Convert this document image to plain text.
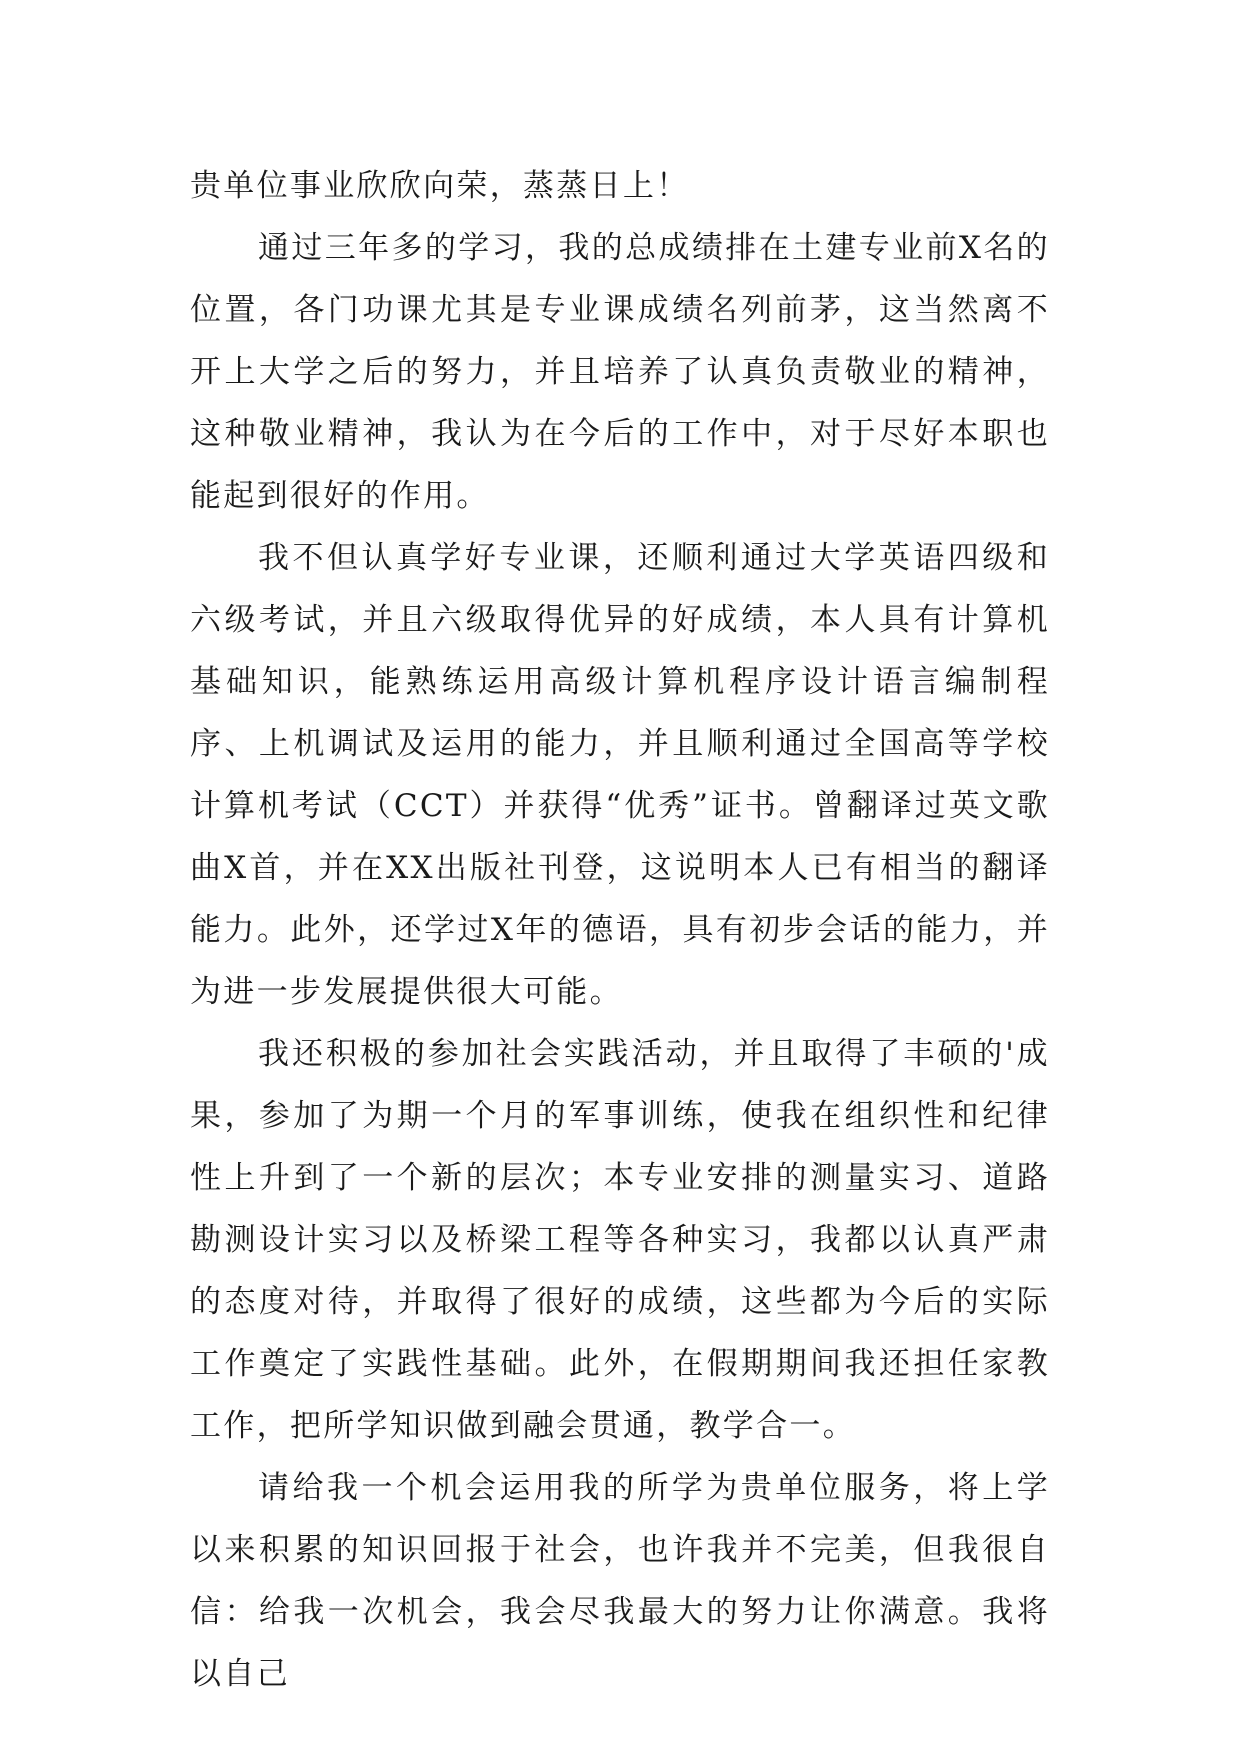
贵单位事业欣欣向荣，蒸蒸日上！

通过三年多的学习，我的总成绩排在土建专业前X名的位置，各门功课尤其是专业课成绩名列前茅，这当然离不开上大学之后的努力，并且培养了认真负责敬业的精神，这种敬业精神，我认为在今后的工作中，对于尽好本职也能起到很好的作用。

我不但认真学好专业课，还顺利通过大学英语四级和六级考试，并且六级取得优异的好成绩，本人具有计算机基础知识，能熟练运用高级计算机程序设计语言编制程序、上机调试及运用的能力，并且顺利通过全国高等学校计算机考试（CCT）并获得“优秀”证书。曾翻译过英文歌曲X首，并在XX出版社刊登，这说明本人已有相当的翻译能力。此外，还学过X年的德语，具有初步会话的能力，并为进一步发展提供很大可能。

我还积极的参加社会实践活动，并且取得了丰硕的'成果，参加了为期一个月的军事训练，使我在组织性和纪律性上升到了一个新的层次；本专业安排的测量实习、道路勘测设计实习以及桥梁工程等各种实习，我都以认真严肃的态度对待，并取得了很好的成绩，这些都为今后的实际工作奠定了实践性基础。此外，在假期期间我还担任家教工作，把所学知识做到融会贯通，教学合一。

请给我一个机会运用我的所学为贵单位服务，将上学以来积累的知识回报于社会，也许我并不完美，但我很自信：给我一次机会，我会尽我最大的努力让你满意。我将以自己
